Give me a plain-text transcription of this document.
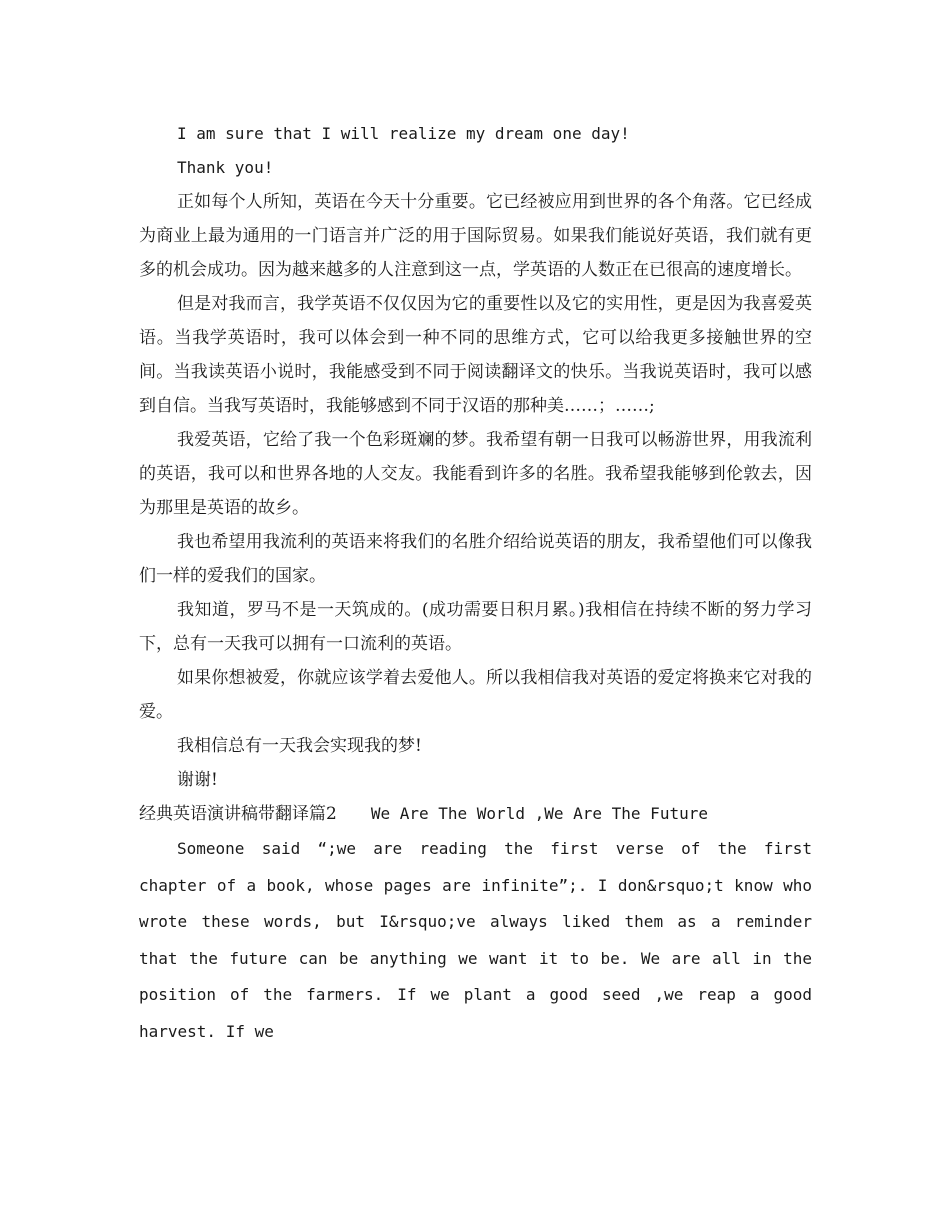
I am sure that I will realize my dream one day!

Thank you!

正如每个人所知，英语在今天十分重要。它已经被应用到世界的各个角落。它已经成为商业上最为通用的一门语言并广泛的用于国际贸易。如果我们能说好英语，我们就有更多的机会成功。因为越来越多的人注意到这一点，学英语的人数正在已很高的速度增长。

但是对我而言，我学英语不仅仅因为它的重要性以及它的实用性，更是因为我喜爱英语。当我学英语时，我可以体会到一种不同的思维方式，它可以给我更多接触世界的空间。当我读英语小说时，我能感受到不同于阅读翻译文的快乐。当我说英语时，我可以感到自信。当我写英语时，我能够感到不同于汉语的那种美……；……;

我爱英语，它给了我一个色彩斑斓的梦。我希望有朝一日我可以畅游世界，用我流利的英语，我可以和世界各地的人交友。我能看到许多的名胜。我希望我能够到伦敦去，因为那里是英语的故乡。

我也希望用我流利的英语来将我们的名胜介绍给说英语的朋友，我希望他们可以像我们一样的爱我们的国家。

我知道，罗马不是一天筑成的。(成功需要日积月累。)我相信在持续不断的努力学习下，总有一天我可以拥有一口流利的英语。

如果你想被爱，你就应该学着去爱他人。所以我相信我对英语的爱定将换来它对我的爱。

我相信总有一天我会实现我的梦!

谢谢!

经典英语演讲稿带翻译篇2 We Are The World ,We Are The Future

Someone said “;we are reading the first verse of the first chapter of a book, whose pages are infinite”;. I don&rsquo;t know who wrote these words, but I&rsquo;ve always liked them as a reminder that the future can be anything we want it to be. We are all in the position of the farmers. If we plant a good seed ,we reap a good harvest. If we
